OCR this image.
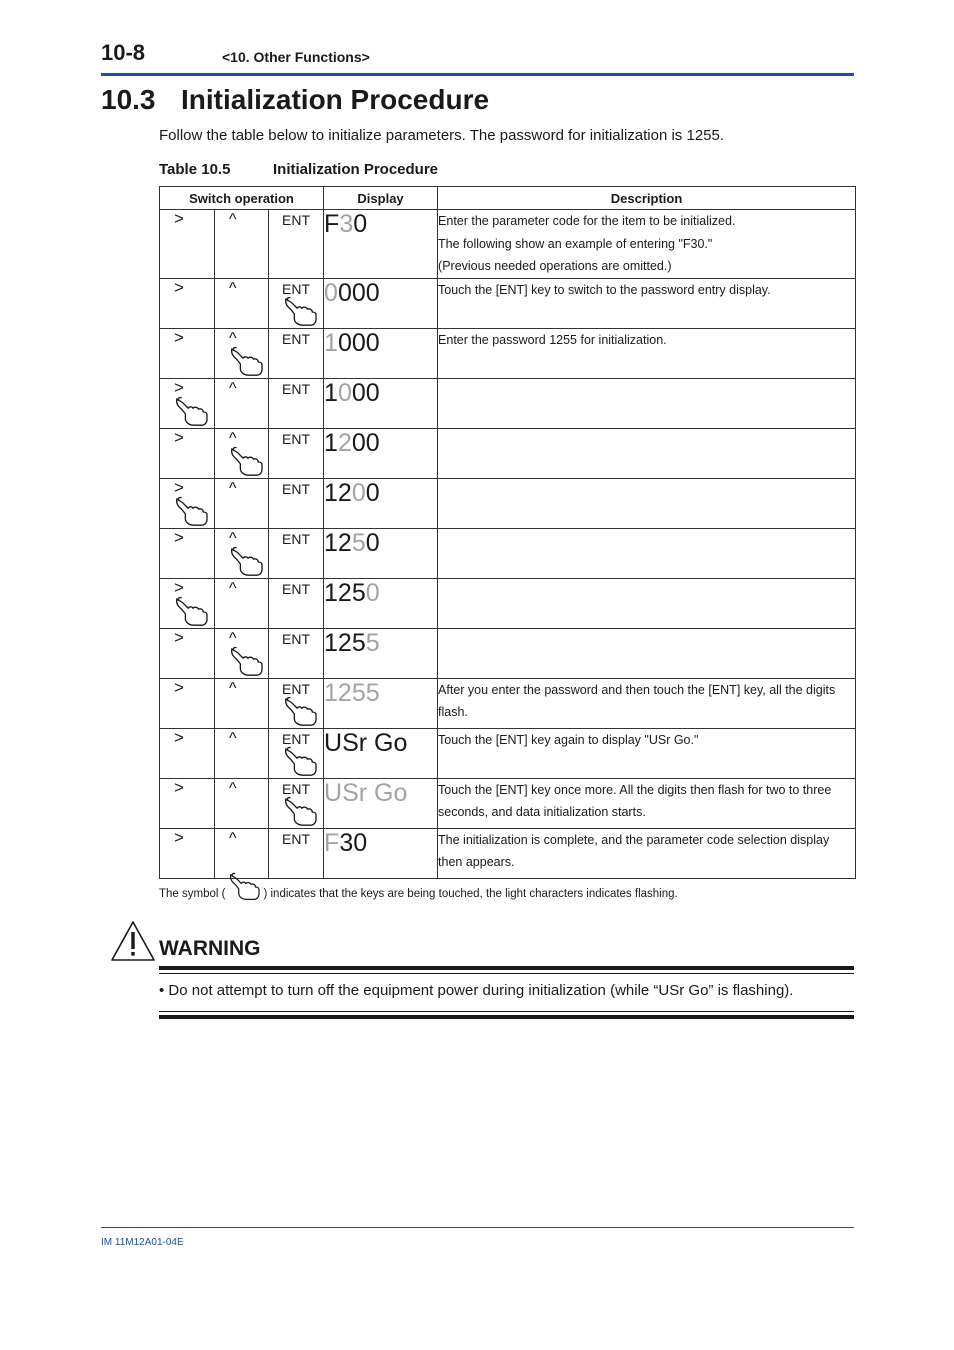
10-8	<10. Other Functions>
10.3 Initialization Procedure
Follow the table below to initialize parameters. The password for initialization is 1255.
Table 10.5	Initialization Procedure
Switch operation			Display	Description

>	^	ENT	F30	Enter the parameter code for the item to be initialized.
The following show an example of entering "F30."
(Previous needed operations are omitted.)

>	^	ENT	0000	Touch the [ENT] key to switch to the password entry display.

>	^	ENT	1000	Enter the password 1255 for initialization.

>	^	ENT	1000	

>	^	ENT	1200	

>	^	ENT	1200	

>	^	ENT	1250	

>	^	ENT	1250	

>	^	ENT	1255	

>	^	ENT	1255	After you enter the password and then touch the [ENT] key, all the digits
flash.

>	^	ENT	USr Go	Touch the [ENT] key again to display "USr Go."

>	^	ENT	USr Go	Touch the [ENT] key once more. All the digits then flash for two to three
seconds, and data initialization starts.

>	^	ENT	F30	The initialization is complete, and the parameter code selection display
then appears.
The symbol (	) indicates that the keys are being touched, the light characters indicates flashing.
WARNING
• Do not attempt to turn off the equipment power during initialization (while “USr Go” is flashing).
IM 11M12A01-04E
